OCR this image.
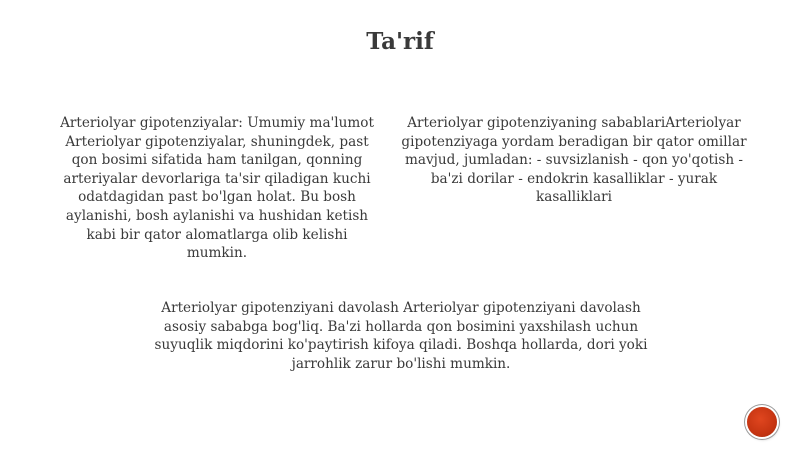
Ta'rif

Arteriolyar gipotenziyalar: Umumiy ma'lumot Arteriolyar gipotenziyalar, shuningdek, past qon bosimi sifatida ham tanilgan, qonning arteriyalar devorlariga ta'sir qiladigan kuchi odatdagidan past bo'lgan holat. Bu bosh aylanishi, bosh aylanishi va hushidan ketish kabi bir qator alomatlarga olib kelishi mumkin.

Arteriolyar gipotenziyaning sabablariArteriolyar gipotenziyaga yordam beradigan bir qator omillar mavjud, jumladan: - suvsizlanish - qon yo'qotish - ba'zi dorilar - endokrin kasalliklar - yurak kasalliklari

Arteriolyar gipotenziyani davolash Arteriolyar gipotenziyani davolash asosiy sababga bog'liq. Ba'zi hollarda qon bosimini yaxshilash uchun suyuqlik miqdorini ko'paytirish kifoya qiladi. Boshqa hollarda, dori yoki jarrohlik zarur bo'lishi mumkin.
